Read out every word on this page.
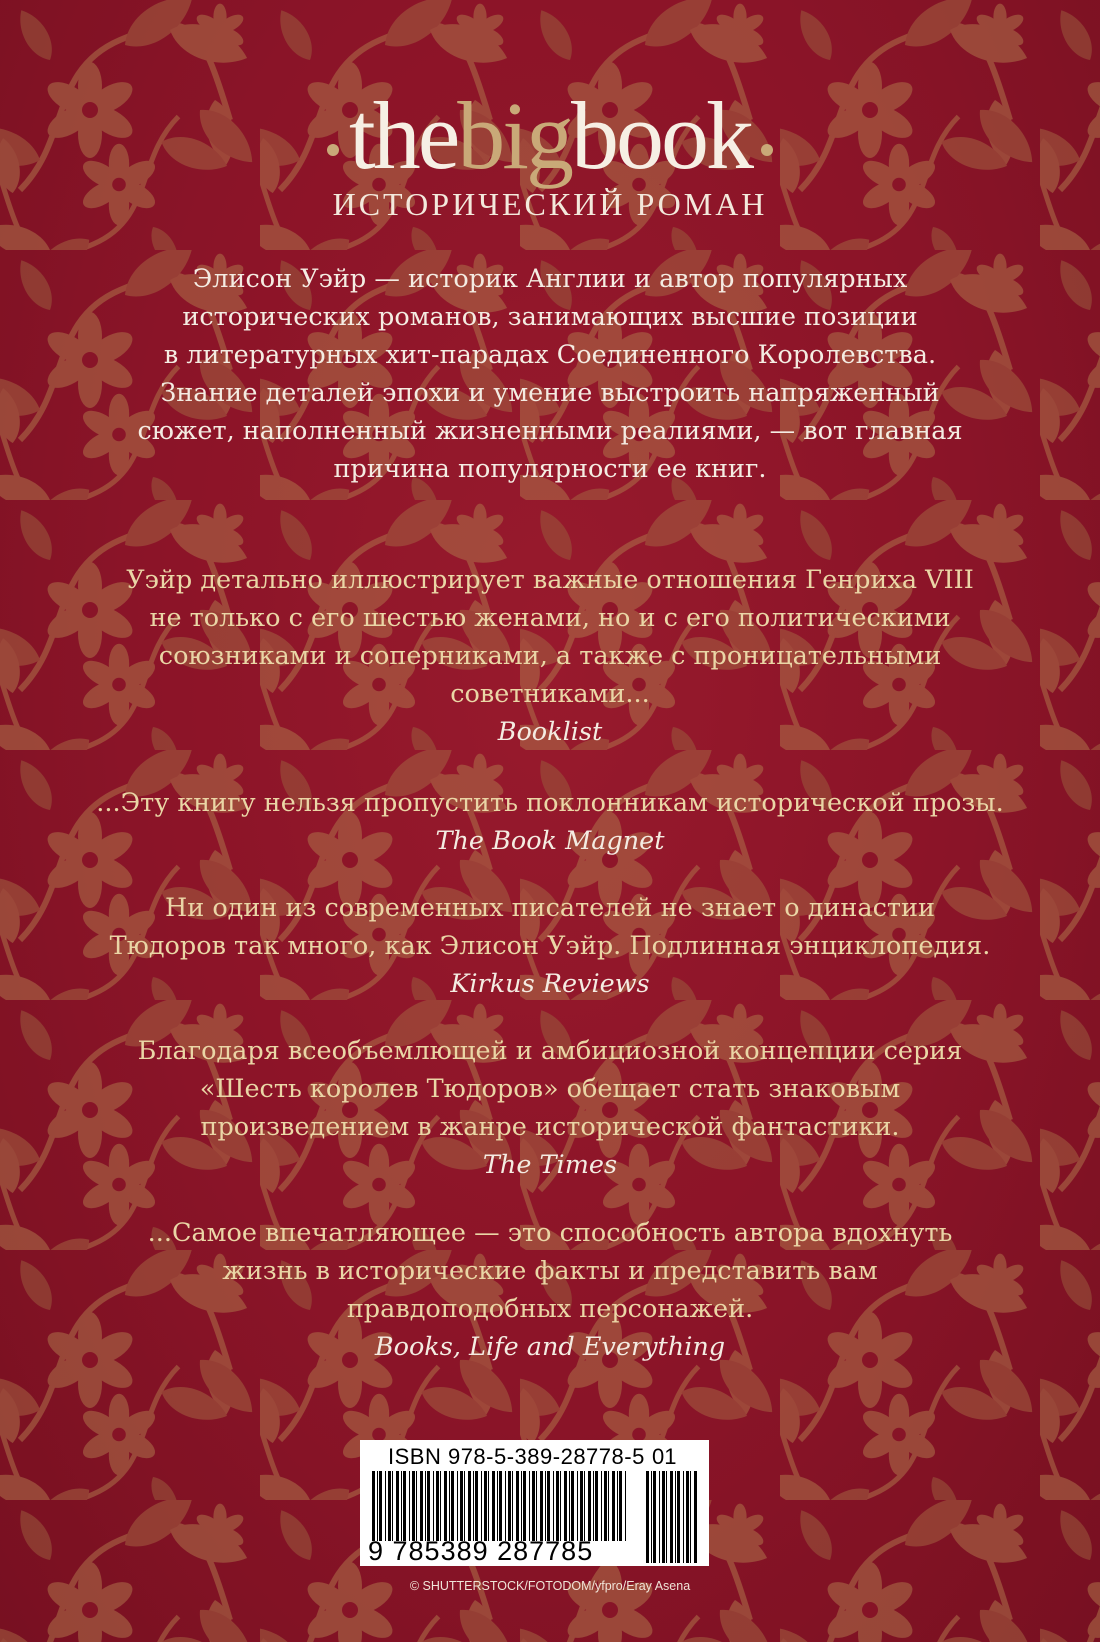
thebigbook
ИСТОРИЧЕСКИЙ РОМАН
Элисон Уэйр — историк Англии и автор популярных
исторических романов, занимающих высшие позиции
в литературных хит-парадах Соединенного Королевства.
Знание деталей эпохи и умение выстроить напряженный
сюжет, наполненный жизненными реалиями, — вот главная
причина популярности ее книг.
Уэйр детально иллюстрирует важные отношения Генриха VIII
не только с его шестью женами, но и с его политическими
союзниками и соперниками, а также с проницательными
советниками...
Booklist
...Эту книгу нельзя пропустить поклонникам исторической прозы.
The Book Magnet
Ни один из современных писателей не знает о династии
Тюдоров так много, как Элисон Уэйр. Подлинная энциклопедия.
Kirkus Reviews
Благодаря всеобъемлющей и амбициозной концепции серия
«Шесть королев Тюдоров» обещает стать знаковым
произведением в жанре исторической фантастики.
The Times
...Самое впечатляющее — это способность автора вдохнуть
жизнь в исторические факты и представить вам
правдоподобных персонажей.
Books, Life and Everything
ISBN 978-5-389-28778-5 01
9 785389 287785
© SHUTTERSTOCK/FOTODOM/yfpro/Eray Asena
